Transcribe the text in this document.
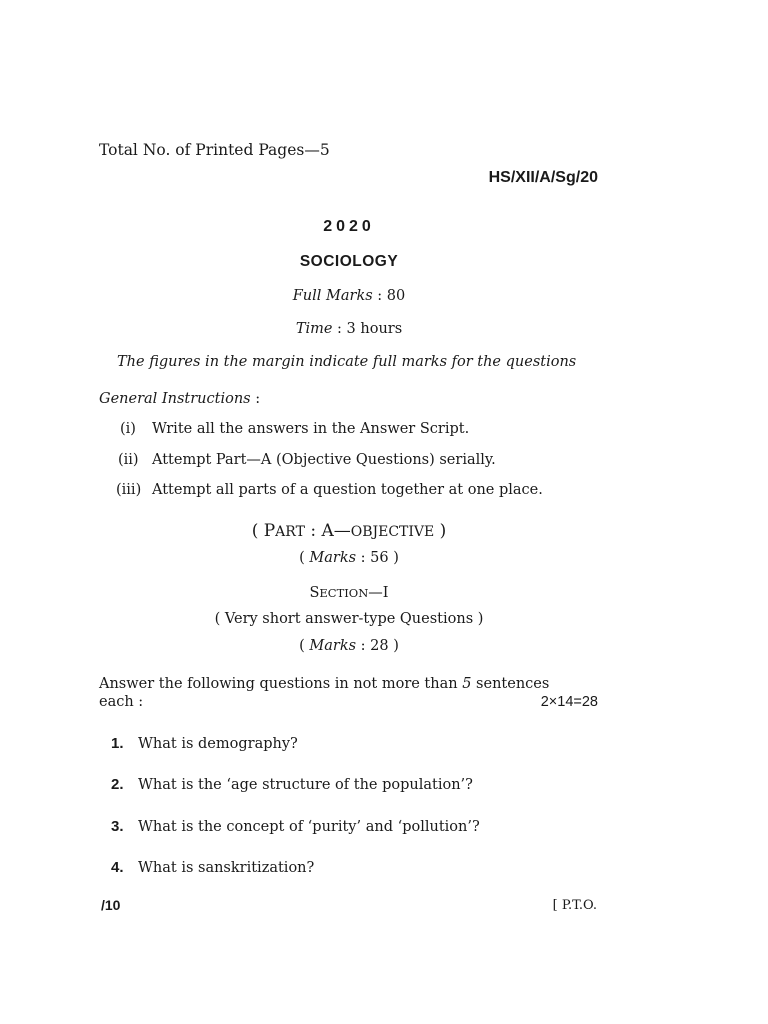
Total No. of Printed Pages—5
HS/XII/A/Sg/20
2020
SOCIOLOGY
Full Marks : 80
Time : 3 hours
The figures in the margin indicate full marks for the questions
General Instructions :
(i) Write all the answers in the Answer Script.
(ii) Attempt Part—A (Objective Questions) serially.
(iii) Attempt all parts of a question together at one place.
( PART : A—OBJECTIVE )
( Marks : 56 )
SECTION—I
( Very short answer-type Questions )
( Marks : 28 )
Answer the following questions in not more than 5 sentences
each :	2×14=28
1. What is demography?
2. What is the ‘age structure of the population’?
3. What is the concept of ‘purity’ and ‘pollution’?
4. What is sanskritization?
/10	[ P.T.O.
